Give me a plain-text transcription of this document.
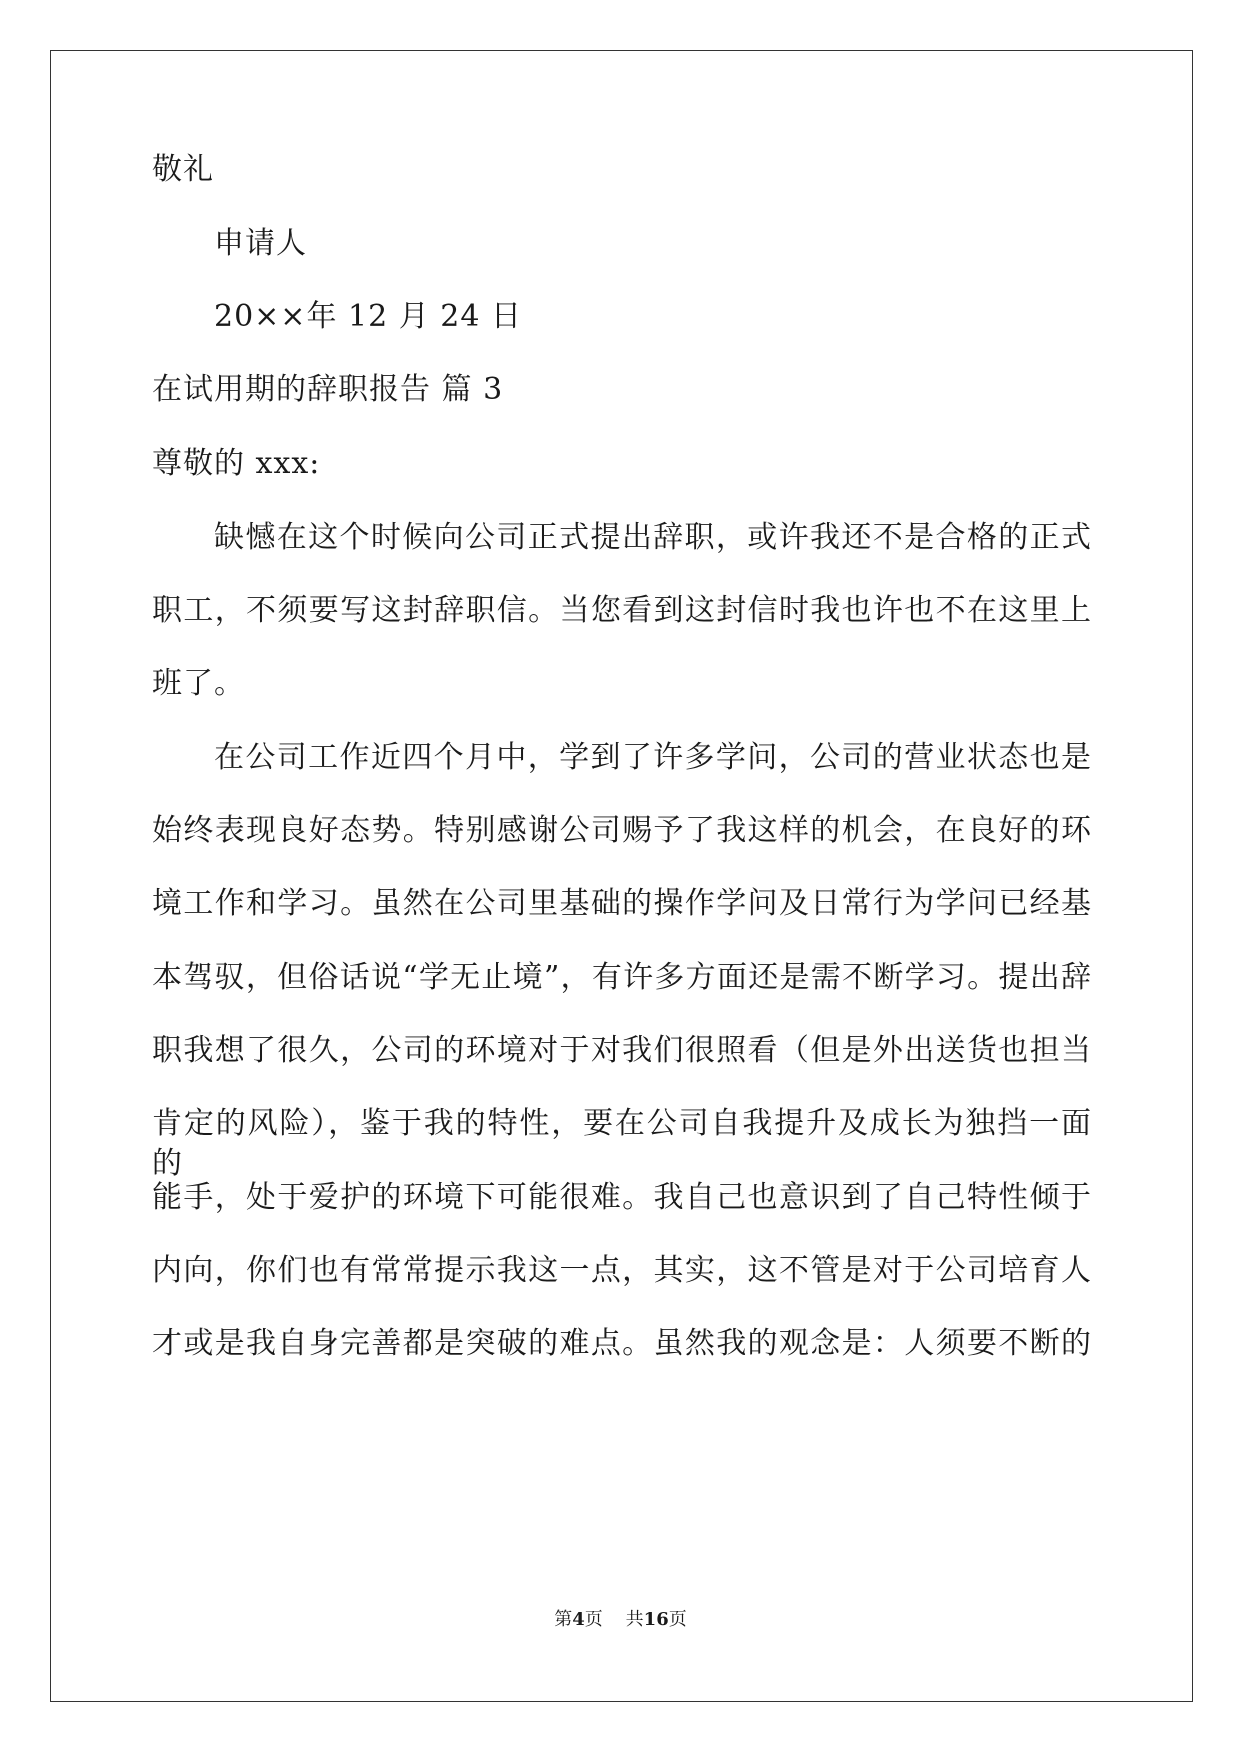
敬礼
申请人
20××年 12 月 24 日
在试用期的辞职报告 篇 3
尊敬的 xxx:
缺憾在这个时候向公司正式提出辞职，或许我还不是合格的正式
职工，不须要写这封辞职信。当您看到这封信时我也许也不在这里上
班了。
在公司工作近四个月中，学到了许多学问，公司的营业状态也是
始终表现良好态势。特别感谢公司赐予了我这样的机会，在良好的环
境工作和学习。虽然在公司里基础的操作学问及日常行为学问已经基
本驾驭，但俗话说“学无止境”，有许多方面还是需不断学习。提出辞
职我想了很久，公司的环境对于对我们很照看（但是外出送货也担当
肯定的风险），鉴于我的特性，要在公司自我提升及成长为独挡一面的
能手，处于爱护的环境下可能很难。我自己也意识到了自己特性倾于
内向，你们也有常常提示我这一点，其实，这不管是对于公司培育人
才或是我自身完善都是突破的难点。虽然我的观念是：人须要不断的
第4页 共16页
